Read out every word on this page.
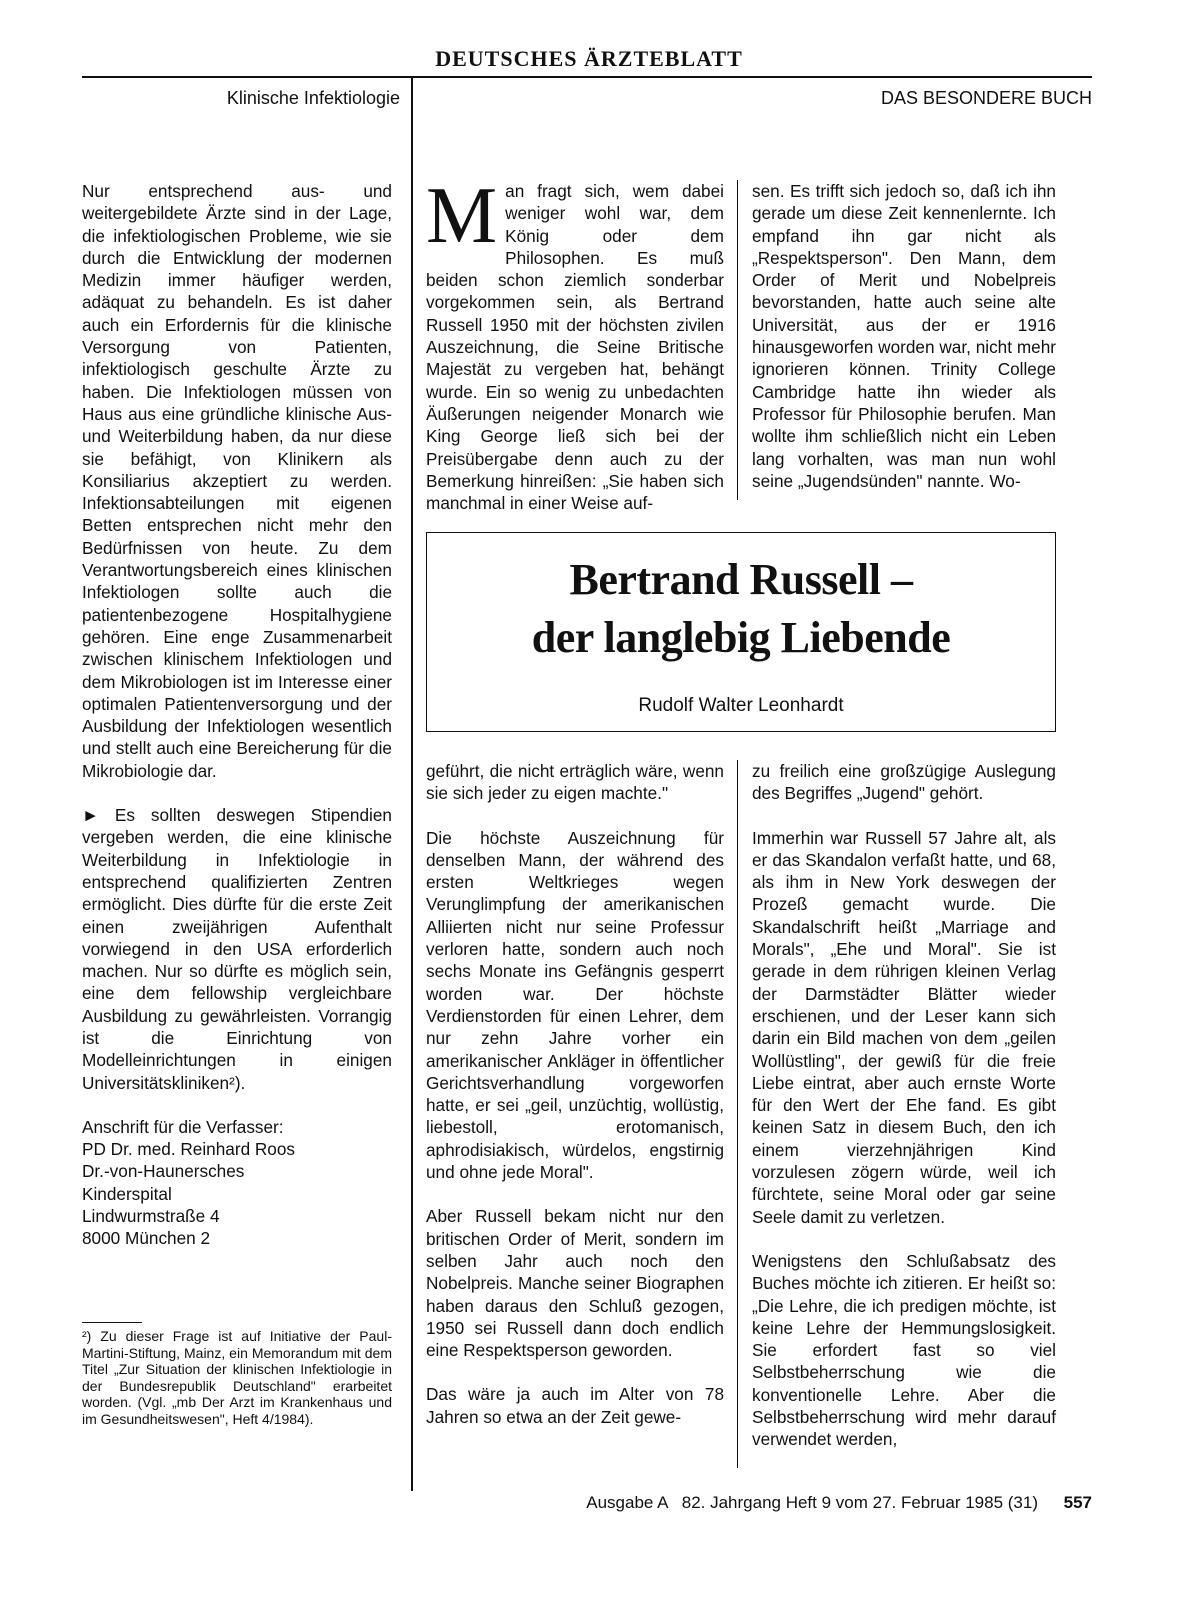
DEUTSCHES ÄRZTEBLATT
Klinische Infektiologie	DAS BESONDERE BUCH

Nur entsprechend aus- und weitergebildete Ärzte sind in der Lage, die infektiologischen Probleme, wie sie durch die Entwicklung der modernen Medizin immer häufiger werden, adäquat zu behandeln. Es ist daher auch ein Erfordernis für die klinische Versorgung von Patienten, infektiologisch geschulte Ärzte zu haben. Die Infektiologen müssen von Haus aus eine gründliche klinische Aus- und Weiterbildung haben, da nur diese sie befähigt, von Klinikern als Konsiliarius akzeptiert zu werden. Infektionsabteilungen mit eigenen Betten entsprechen nicht mehr den Bedürfnissen von heute. Zu dem Verantwortungsbereich eines klinischen Infektiologen sollte auch die patientenbezogene Hospitalhygiene gehören. Eine enge Zusammenarbeit zwischen klinischem Infektiologen und dem Mikrobiologen ist im Interesse einer optimalen Patientenversorgung und der Ausbildung der Infektiologen wesentlich und stellt auch eine Bereicherung für die Mikrobiologie dar.

► Es sollten deswegen Stipendien vergeben werden, die eine klinische Weiterbildung in Infektiologie in entsprechend qualifizierten Zentren ermöglicht. Dies dürfte für die erste Zeit einen zweijährigen Aufenthalt vorwiegend in den USA erforderlich machen. Nur so dürfte es möglich sein, eine dem fellowship vergleichbare Ausbildung zu gewährleisten. Vorrangig ist die Einrichtung von Modelleinrichtungen in einigen Universitätskliniken²).

Anschrift für die Verfasser:
PD Dr. med. Reinhard Roos
Dr.-von-Haunersches
Kinderspital
Lindwurmstraße 4
8000 München 2
²) Zu dieser Frage ist auf Initiative der Paul-Martini-Stiftung, Mainz, ein Memorandum mit dem Titel „Zur Situation der klinischen Infektiologie in der Bundesrepublik Deutschland" erarbeitet worden. (Vgl. „mb Der Arzt im Krankenhaus und im Gesundheitswesen", Heft 4/1984).
M an fragt sich, wem dabei weniger wohl war, dem König oder dem Philosophen. Es muß beiden schon ziemlich sonderbar vorgekommen sein, als Bertrand Russell 1950 mit der höchsten zivilen Auszeichnung, die Seine Britische Majestät zu vergeben hat, behängt wurde. Ein so wenig zu unbedachten Äußerungen neigender Monarch wie King George ließ sich bei der Preisübergabe denn auch zu der Bemerkung hinreißen: „Sie haben sich manchmal in einer Weise auf-
sen. Es trifft sich jedoch so, daß ich ihn gerade um diese Zeit kennenlernte. Ich empfand ihn gar nicht als „Respektsperson". Den Mann, dem Order of Merit und Nobelpreis bevorstanden, hatte auch seine alte Universität, aus der er 1916 hinausgeworfen worden war, nicht mehr ignorieren können. Trinity College Cambridge hatte ihn wieder als Professor für Philosophie berufen. Man wollte ihm schließlich nicht ein Leben lang vorhalten, was man nun wohl seine „Jugendsünden" nannte. Wo-
Bertrand Russell –
der langlebig Liebende
Rudolf Walter Leonhardt

geführt, die nicht erträglich wäre, wenn sie sich jeder zu eigen machte."

Die höchste Auszeichnung für denselben Mann, der während des ersten Weltkrieges wegen Verunglimpfung der amerikanischen Alliierten nicht nur seine Professur verloren hatte, sondern auch noch sechs Monate ins Gefängnis gesperrt worden war. Der höchste Verdienstorden für einen Lehrer, dem nur zehn Jahre vorher ein amerikanischer Ankläger in öffentlicher Gerichtsverhandlung vorgeworfen hatte, er sei „geil, unzüchtig, wollüstig, liebestoll, erotomanisch, aphrodisiakisch, würdelos, engstirnig und ohne jede Moral".

Aber Russell bekam nicht nur den britischen Order of Merit, sondern im selben Jahr auch noch den Nobelpreis. Manche seiner Biographen haben daraus den Schluß gezogen, 1950 sei Russell dann doch endlich eine Respektsperson geworden.

Das wäre ja auch im Alter von 78 Jahren so etwa an der Zeit gewe-

zu freilich eine großzügige Auslegung des Begriffes „Jugend" gehört.

Immerhin war Russell 57 Jahre alt, als er das Skandalon verfaßt hatte, und 68, als ihm in New York deswegen der Prozeß gemacht wurde. Die Skandalschrift heißt „Marriage and Morals", „Ehe und Moral". Sie ist gerade in dem rührigen kleinen Verlag der Darmstädter Blätter wieder erschienen, und der Leser kann sich darin ein Bild machen von dem „geilen Wollüstling", der gewiß für die freie Liebe eintrat, aber auch ernste Worte für den Wert der Ehe fand. Es gibt keinen Satz in diesem Buch, den ich einem vierzehnjährigen Kind vorzulesen zögern würde, weil ich fürchtete, seine Moral oder gar seine Seele damit zu verletzen.

Wenigstens den Schlußabsatz des Buches möchte ich zitieren. Er heißt so: „Die Lehre, die ich predigen möchte, ist keine Lehre der Hemmungslosigkeit. Sie erfordert fast so viel Selbstbeherrschung wie die konventionelle Lehre. Aber die Selbstbeherrschung wird mehr darauf verwendet werden,

Ausgabe A   82. Jahrgang Heft 9 vom 27. Februar 1985 (31)	557
